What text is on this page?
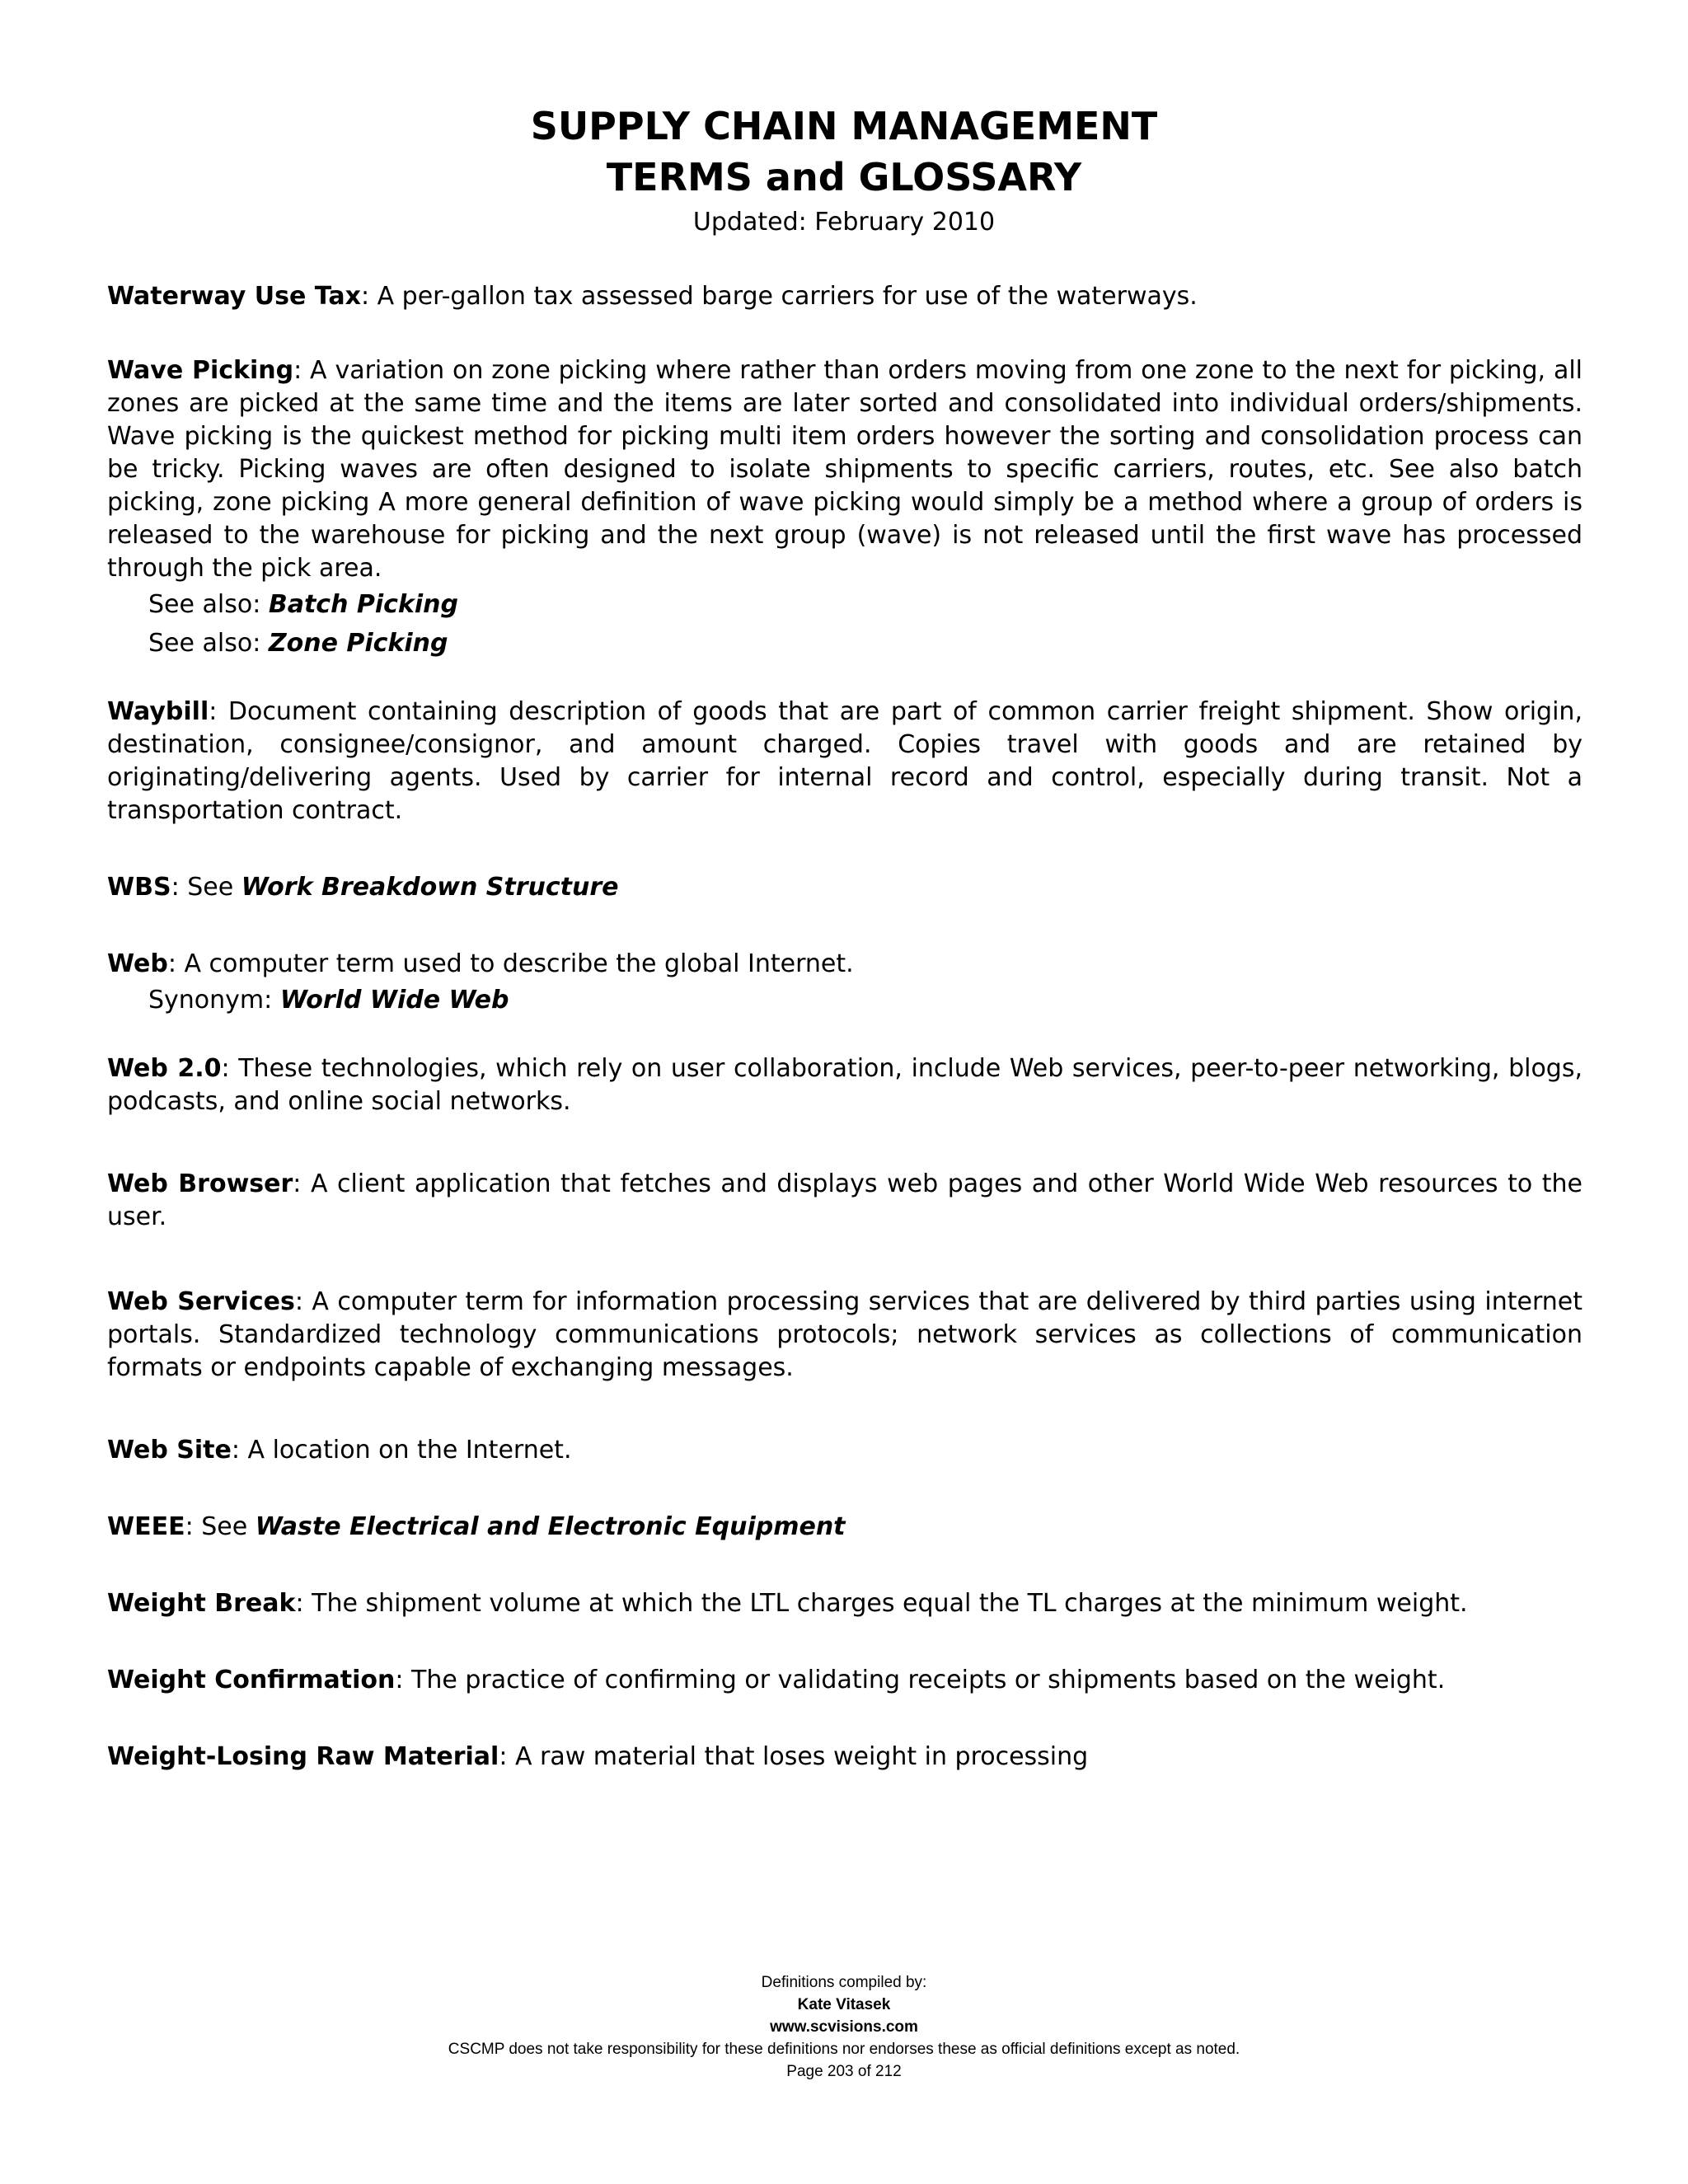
SUPPLY CHAIN MANAGEMENT
TERMS and GLOSSARY
Updated: February 2010
Waterway Use Tax: A per-gallon tax assessed barge carriers for use of the waterways.
Wave Picking: A variation on zone picking where rather than orders moving from one zone to the next for picking, all zones are picked at the same time and the items are later sorted and consolidated into individual orders/shipments. Wave picking is the quickest method for picking multi item orders however the sorting and consolidation process can be tricky. Picking waves are often designed to isolate shipments to specific carriers, routes, etc. See also batch picking, zone picking A more general definition of wave picking would simply be a method where a group of orders is released to the warehouse for picking and the next group (wave) is not released until the first wave has processed through the pick area.
See also: Batch Picking
See also: Zone Picking
Waybill: Document containing description of goods that are part of common carrier freight shipment. Show origin, destination, consignee/consignor, and amount charged. Copies travel with goods and are retained by originating/delivering agents. Used by carrier for internal record and control, especially during transit. Not a transportation contract.
WBS: See Work Breakdown Structure
Web: A computer term used to describe the global Internet.
Synonym: World Wide Web
Web 2.0: These technologies, which rely on user collaboration, include Web services, peer-to-peer networking, blogs, podcasts, and online social networks.
Web Browser: A client application that fetches and displays web pages and other World Wide Web resources to the user.
Web Services: A computer term for information processing services that are delivered by third parties using internet portals. Standardized technology communications protocols; network services as collections of communication formats or endpoints capable of exchanging messages.
Web Site: A location on the Internet.
WEEE: See Waste Electrical and Electronic Equipment
Weight Break: The shipment volume at which the LTL charges equal the TL charges at the minimum weight.
Weight Confirmation: The practice of confirming or validating receipts or shipments based on the weight.
Weight-Losing Raw Material: A raw material that loses weight in processing
Definitions compiled by:
Kate Vitasek
www.scvisions.com
CSCMP does not take responsibility for these definitions nor endorses these as official definitions except as noted.
Page 203 of 212
